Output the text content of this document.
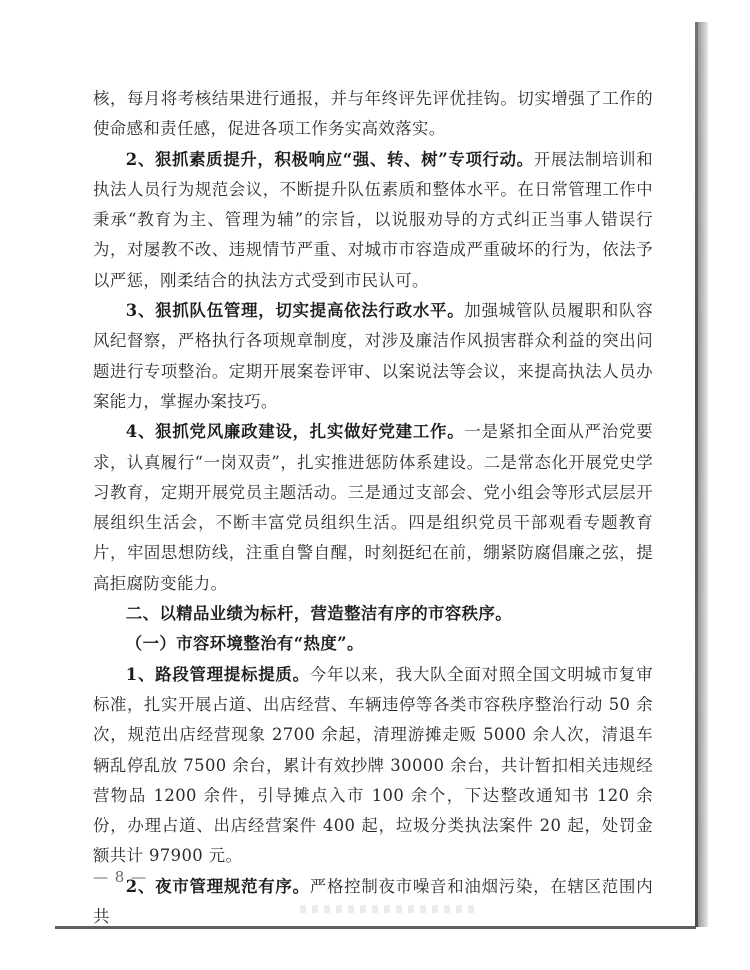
核，每月将考核结果进行通报，并与年终评先评优挂钩。切实增强了工作的使命感和责任感，促进各项工作务实高效落实。

2、狠抓素质提升，积极响应“强、转、树”专项行动。开展法制培训和执法人员行为规范会议，不断提升队伍素质和整体水平。在日常管理工作中秉承“教育为主、管理为辅”的宗旨，以说服劝导的方式纠正当事人错误行为，对屡教不改、违规情节严重、对城市市容造成严重破坏的行为，依法予以严惩，刚柔结合的执法方式受到市民认可。

3、狠抓队伍管理，切实提高依法行政水平。加强城管队员履职和队容风纪督察，严格执行各项规章制度，对涉及廉洁作风损害群众利益的突出问题进行专项整治。定期开展案卷评审、以案说法等会议，来提高执法人员办案能力，掌握办案技巧。

4、狠抓党风廉政建设，扎实做好党建工作。一是紧扣全面从严治党要求，认真履行“一岗双责”，扎实推进惩防体系建设。二是常态化开展党史学习教育，定期开展党员主题活动。三是通过支部会、党小组会等形式层层开展组织生活会，不断丰富党员组织生活。四是组织党员干部观看专题教育片，牢固思想防线，注重自警自醒，时刻挺纪在前，绷紧防腐倡廉之弦，提高拒腐防变能力。

二、以精品业绩为标杆，营造整洁有序的市容秩序。

（一）市容环境整治有“热度”。

1、路段管理提标提质。今年以来，我大队全面对照全国文明城市复审标准，扎实开展占道、出店经营、车辆违停等各类市容秩序整治行动 50 余次，规范出店经营现象 2700 余起，清理游摊走贩 5000 余人次，清退车辆乱停乱放 7500 余台，累计有效抄牌 30000 余台，共计暂扣相关违规经营物品 1200 余件，引导摊点入市 100 余个，下达整改通知书 120 余份，办理占道、出店经营案件 400 起，垃圾分类执法案件 20 起，处罚金额共计 97900 元。

2、夜市管理规范有序。严格控制夜市噪音和油烟污染，在辖区范围内共

— 8 —
